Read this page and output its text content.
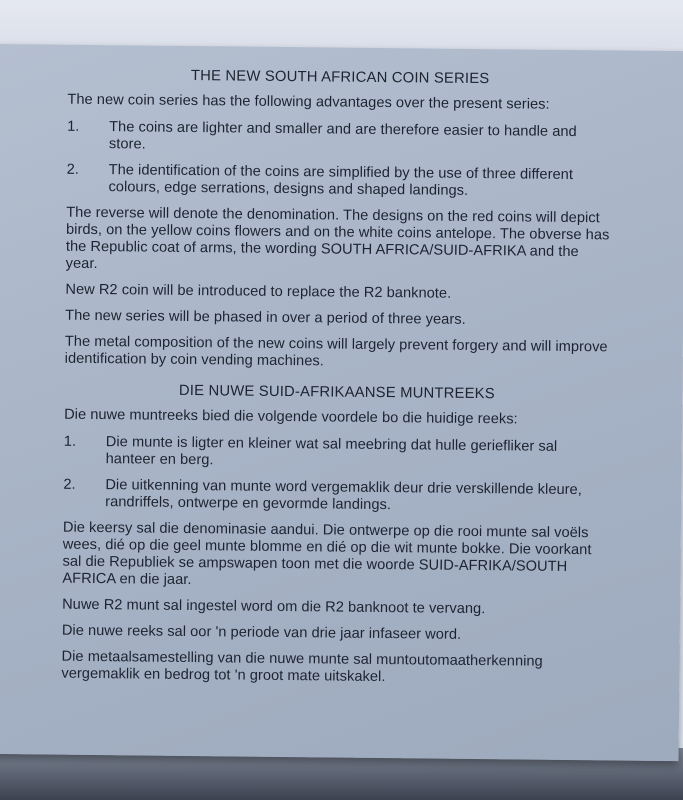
THE NEW SOUTH AFRICAN COIN SERIES

The new coin series has the following advantages over the present series:

1.	The coins are lighter and smaller and are therefore easier to handle and store.
2.	The identification of the coins are simplified by the use of three different colours, edge serrations, designs and shaped landings.

The reverse will denote the denomination. The designs on the red coins will depict birds, on the yellow coins flowers and on the white coins antelope. The obverse has the Republic coat of arms, the wording SOUTH AFRICA/SUID-AFRIKA and the year.

New R2 coin will be introduced to replace the R2 banknote.

The new series will be phased in over a period of three years.

The metal composition of the new coins will largely prevent forgery and will improve identification by coin vending machines.

DIE NUWE SUID-AFRIKAANSE MUNTREEKS

Die nuwe muntreeks bied die volgende voordele bo die huidige reeks:

1.	Die munte is ligter en kleiner wat sal meebring dat hulle geriefliker sal hanteer en berg.
2.	Die uitkenning van munte word vergemaklik deur drie verskillende kleure, randriffels, ontwerpe en gevormde landings.

Die keersy sal die denominasie aandui. Die ontwerpe op die rooi munte sal voëls wees, dié op die geel munte blomme en dié op die wit munte bokke. Die voorkant sal die Republiek se ampswapen toon met die woorde SUID-AFRIKA/SOUTH AFRICA en die jaar.

Nuwe R2 munt sal ingestel word om die R2 banknoot te vervang.

Die nuwe reeks sal oor 'n periode van drie jaar infaseer word.

Die metaalsamestelling van die nuwe munte sal muntoutomaatherkenning vergemaklik en bedrog tot 'n groot mate uitskakel.
